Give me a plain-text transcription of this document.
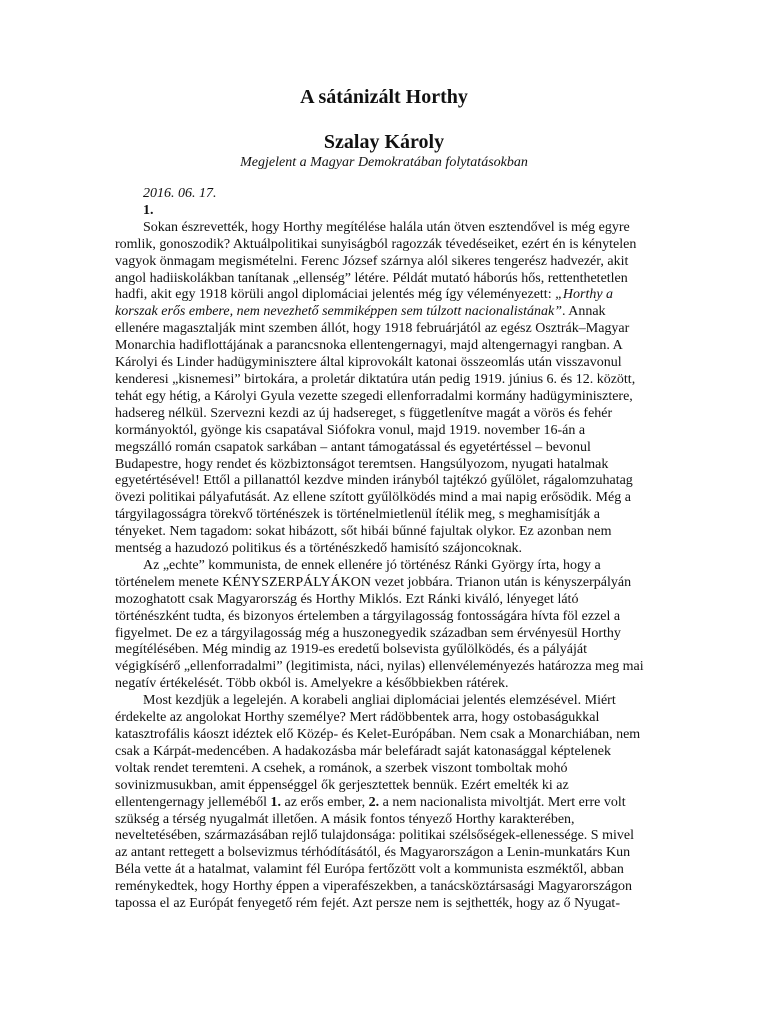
A sátánizált Horthy
Szalay Károly
Megjelent a Magyar Demokratában folytatásokban
2016. 06. 17.
1.
Sokan észrevették, hogy Horthy megítélése halála után ötven esztendővel is még egyre
romlik, gonoszodik? Aktuálpolitikai sunyiságból ragozzák tévedéseiket, ezért én is kénytelen
vagyok önmagam megismételni. Ferenc József szárnya alól sikeres tengerész hadvezér, akit
angol hadiiskolákban tanítanak „ellenség” létére. Példát mutató háborús hős, rettenthetetlen
hadfi, akit egy 1918 körüli angol diplomáciai jelentés még így véleményezett: „Horthy a
korszak erős embere, nem nevezhető semmiképpen sem túlzott nacionalistának”. Annak
ellenére magasztalják mint szemben állót, hogy 1918 februárjától az egész Osztrák–Magyar
Monarchia hadiflottájának a parancsnoka ellentengernagyi, majd altengernagyi rangban. A
Károlyi és Linder hadügyminisztere által kiprovokált katonai összeomlás után visszavonul
kenderesi „kisnemesi” birtokára, a proletár diktatúra után pedig 1919. június 6. és 12. között,
tehát egy hétig, a Károlyi Gyula vezette szegedi ellenforradalmi kormány hadügyminisztere,
hadsereg nélkül. Szervezni kezdi az új hadsereget, s függetlenítve magát a vörös és fehér
kormányoktól, gyönge kis csapatával Siófokra vonul, majd 1919. november 16-án a
megszálló román csapatok sarkában – antant támogatással és egyetértéssel – bevonul
Budapestre, hogy rendet és közbiztonságot teremtsen. Hangsúlyozom, nyugati hatalmak
egyetértésével! Ettől a pillanattól kezdve minden irányból tajtékzó gyűlölet, rágalomzuhatag
övezi politikai pályafutását. Az ellene szított gyűlölködés mind a mai napig erősödik. Még a
tárgyilagosságra törekvő történészek is történelmietlenül ítélik meg, s meghamisítják a
tényeket. Nem tagadom: sokat hibázott, sőt hibái bűnné fajultak olykor. Ez azonban nem
mentség a hazudozó politikus és a történészkedő hamisító szájoncoknak.
Az „echte” kommunista, de ennek ellenére jó történész Ránki György írta, hogy a
történelem menete KÉNYSZERPÁLYÁKON vezet jobbára. Trianon után is kényszerpályán
mozoghatott csak Magyarország és Horthy Miklós. Ezt Ránki kiváló, lényeget látó
történészként tudta, és bizonyos értelemben a tárgyilagosság fontosságára hívta föl ezzel a
figyelmet. De ez a tárgyilagosság még a huszonegyedik században sem érvényesül Horthy
megítélésében. Még mindig az 1919-es eredetű bolsevista gyűlölködés, és a pályáját
végigkísérő „ellenforradalmi” (legitimista, náci, nyilas) ellenvéleményezés határozza meg mai
negatív értékelését. Több okból is. Amelyekre a későbbiekben rátérek.
Most kezdjük a legelején. A korabeli angliai diplomáciai jelentés elemzésével. Miért
érdekelte az angolokat Horthy személye? Mert rádöbbentek arra, hogy ostobaságukkal
katasztrofális káoszt idéztek elő Közép- és Kelet-Európában. Nem csak a Monarchiában, nem
csak a Kárpát-medencében. A hadakozásba már belefáradt saját katonasággal képtelenek
voltak rendet teremteni. A csehek, a románok, a szerbek viszont tomboltak mohó
sovinizmusukban, amit éppenséggel ők gerjesztettek bennük. Ezért emelték ki az
ellentengernagy jelleméből 1. az erős ember, 2. a nem nacionalista mivoltját. Mert erre volt
szükség a térség nyugalmát illetően. A másik fontos tényező Horthy karakterében,
neveltetésében, származásában rejlő tulajdonsága: politikai szélsőségek-ellenessége. S mivel
az antant rettegett a bolsevizmus térhódításától, és Magyarországon a Lenin-munkatárs Kun
Béla vette át a hatalmat, valamint fél Európa fertőzött volt a kommunista eszméktől, abban
reménykedtek, hogy Horthy éppen a viperafészekben, a tanácsköztársasági Magyarországon
tapossa el az Európát fenyegető rém fejét. Azt persze nem is sejthették, hogy az ő Nyugat-
